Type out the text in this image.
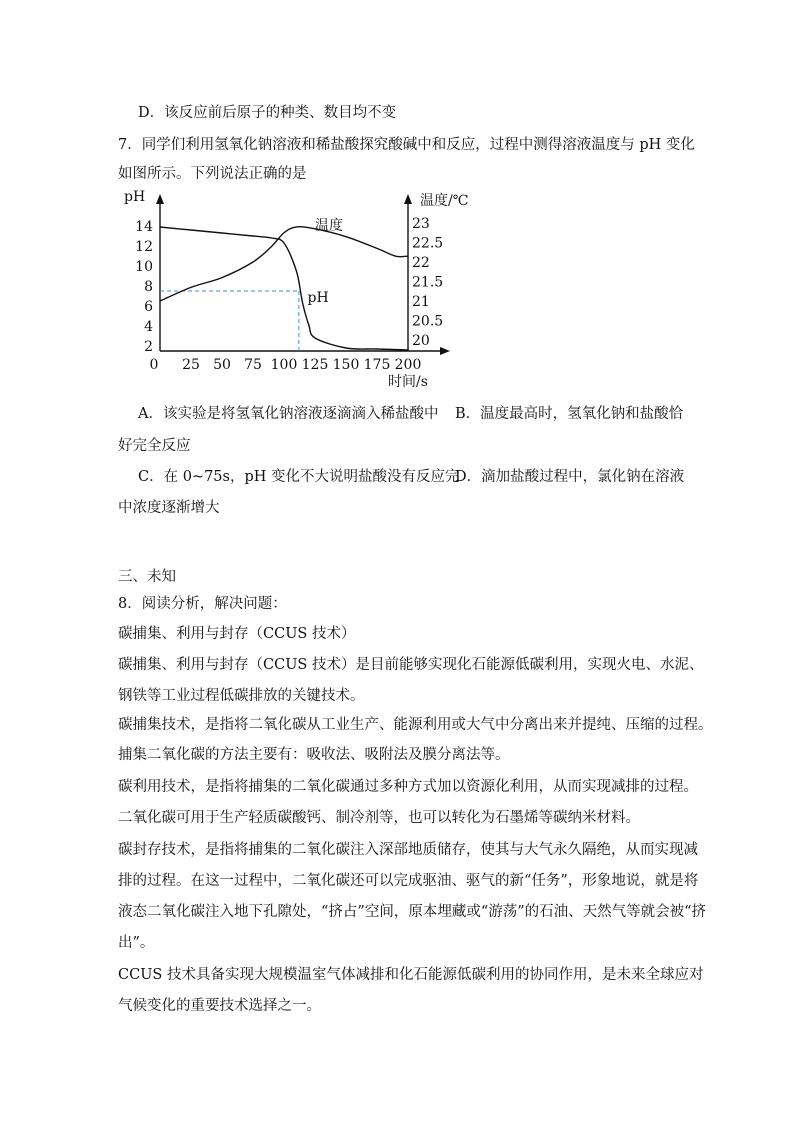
D．该反应前后原子的种类、数目均不变
7．同学们利用氢氧化钠溶液和稀盐酸探究酸碱中和反应，过程中测得溶液温度与 pH 变化
如图所示。下列说法正确的是
2
4
6
8
10
12
14
20
20.5
21
21.5
22
22.5
23
0 25 50 75 100 125 150 175 200
pH	温度/℃
时间/s
温度
pH
A．该实验是将氢氧化钠溶液逐滴滴入稀盐酸中 B．温度最高时，氢氧化钠和盐酸恰
好完全反应
C．在 0~75s，pH 变化不大说明盐酸没有反应完
D．滴加盐酸过程中，氯化钠在溶液
中浓度逐渐增大
三、未知
8．阅读分析，解决问题：
碳捕集、利用与封存（CCUS 技术）
碳捕集、利用与封存（CCUS 技术）是目前能够实现化石能源低碳利用，实现火电、水泥、
钢铁等工业过程低碳排放的关键技术。
碳捕集技术，是指将二氧化碳从工业生产、能源利用或大气中分离出来并提纯、压缩的过程。
捕集二氧化碳的方法主要有：吸收法、吸附法及膜分离法等。
碳利用技术，是指将捕集的二氧化碳通过多种方式加以资源化利用，从而实现减排的过程。
二氧化碳可用于生产轻质碳酸钙、制冷剂等，也可以转化为石墨烯等碳纳米材料。
碳封存技术，是指将捕集的二氧化碳注入深部地质储存，使其与大气永久隔绝，从而实现减
排的过程。在这一过程中，二氧化碳还可以完成驱油、驱气的新“任务”，形象地说，就是将
液态二氧化碳注入地下孔隙处，“挤占”空间，原本埋藏或“游荡”的石油、天然气等就会被“挤
出”。
CCUS 技术具备实现大规模温室气体减排和化石能源低碳利用的协同作用，是未来全球应对
气候变化的重要技术选择之一。
